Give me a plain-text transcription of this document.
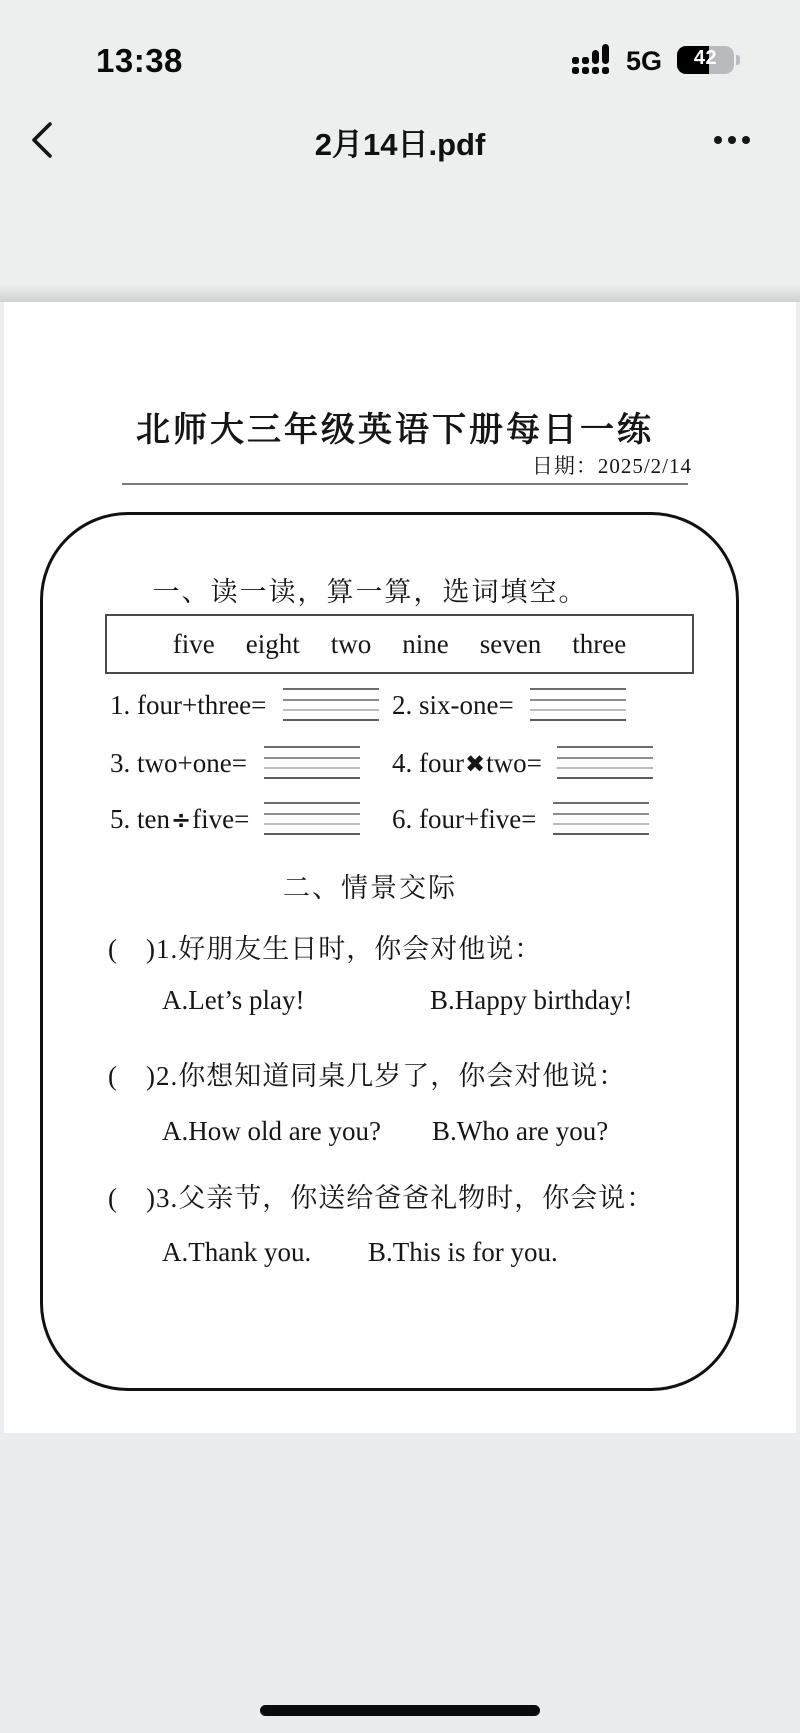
13:38	5G	42
2月14日.pdf
北师大三年级英语下册每日一练
日期：2025/2/14
一、读一读，算一算，选词填空。
five eight two nine seven three
1. four+three=	2. six-one=
3. two+one=	4. four✖two=
5. ten÷five=	6. four+five=
二、情景交际
(　)1.好朋友生日时，你会对他说：
A.Let’s play!	B.Happy birthday!
(　)2.你想知道同桌几岁了，你会对他说：
A.How old are you? B.Who are you?
(　)3.父亲节，你送给爸爸礼物时，你会说：
A.Thank you. B.This is for you.
